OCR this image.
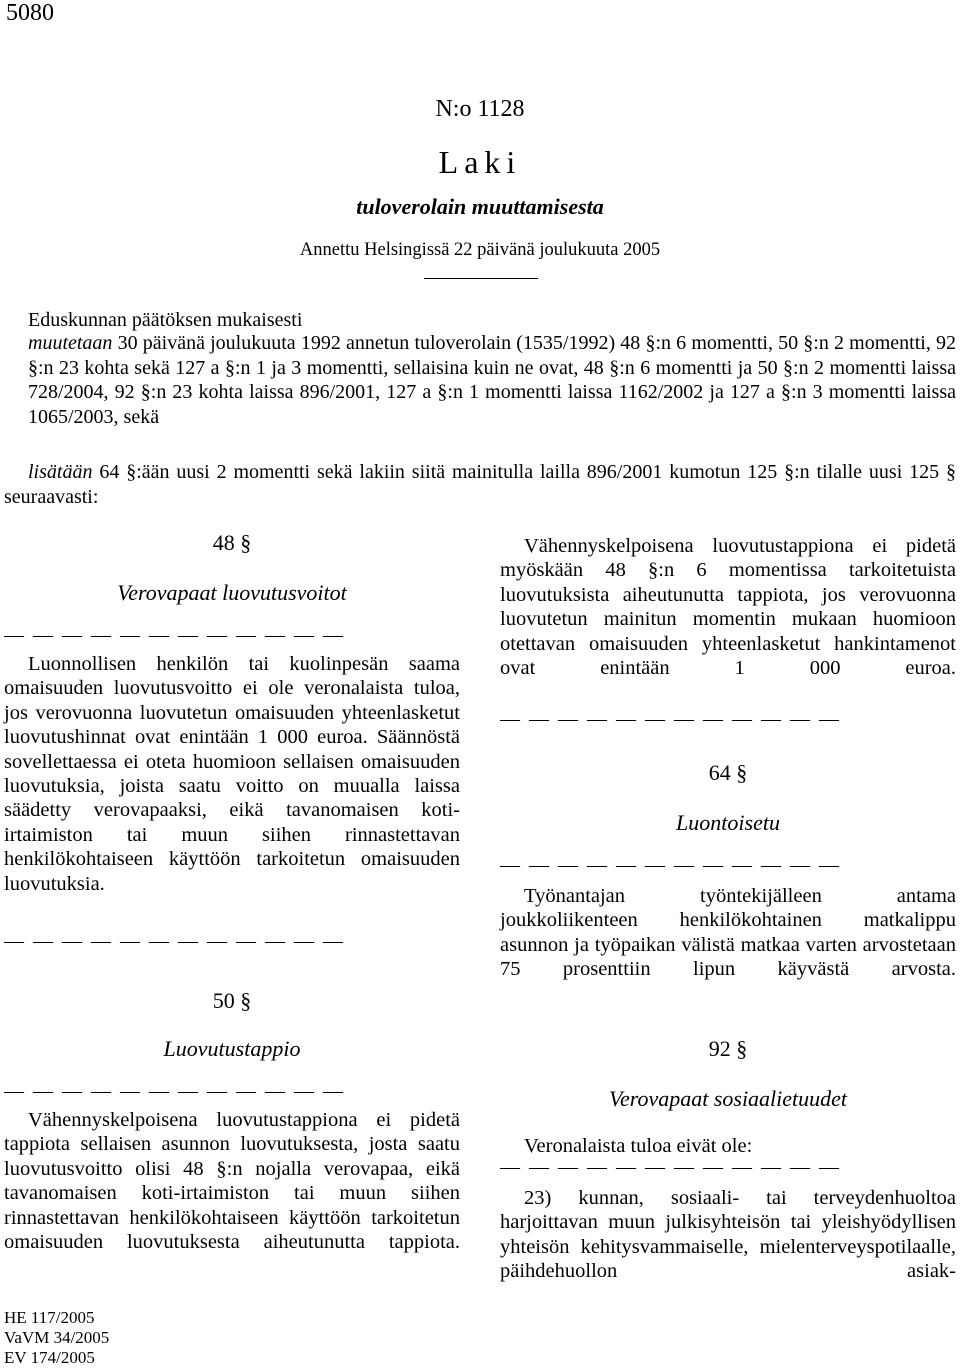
5080
N:o 1128
Laki
tuloverolain muuttamisesta
Annettu Helsingissä 22 päivänä joulukuuta 2005
Eduskunnan päätöksen mukaisesti
muutetaan 30 päivänä joulukuuta 1992 annetun tuloverolain (1535/1992) 48 §:n 6 momentti, 50 §:n 2 momentti, 92 §:n 23 kohta sekä 127 a §:n 1 ja 3 momentti, sellaisina kuin ne ovat, 48 §:n 6 momentti ja 50 §:n 2 momentti laissa 728/2004, 92 §:n 23 kohta laissa 896/2001, 127 a §:n 1 momentti laissa 1162/2002 ja 127 a §:n 3 momentti laissa 1065/2003, sekä
lisätään 64 §:ään uusi 2 momentti sekä lakiin siitä mainitulla lailla 896/2001 kumotun 125 §:n tilalle uusi 125 § seuraavasti:
48 §
Verovapaat luovutusvoitot
— — — — — — — — — — — —
Luonnollisen henkilön tai kuolinpesän saama omaisuuden luovutusvoitto ei ole veronalaista tuloa, jos verovuonna luovutetun omaisuuden yhteenlasketut luovutushinnat ovat enintään 1 000 euroa. Säännöstä sovellettaessa ei oteta huomioon sellaisen omaisuuden luovutuksia, joista saatu voitto on muualla laissa säädetty verovapaaksi, eikä tavanomaisen koti-irtaimiston tai muun siihen rinnastettavan henkilökohtaiseen käyttöön tarkoitetun omaisuuden luovutuksia.
— — — — — — — — — — — —
50 §
Luovutustappio
— — — — — — — — — — — —
Vähennyskelpoisena luovutustappiona ei pidetä tappiota sellaisen asunnon luovutuksesta, josta saatu luovutusvoitto olisi 48 §:n nojalla verovapaa, eikä tavanomaisen koti-irtaimiston tai muun siihen rinnastettavan henkilökohtaiseen käyttöön tarkoitetun omaisuuden luovutuksesta aiheutunutta tappiota.
Vähennyskelpoisena luovutustappiona ei pidetä myöskään 48 §:n 6 momentissa tarkoitetuista luovutuksista aiheutunutta tappiota, jos verovuonna luovutetun mainitun momentin mukaan huomioon otettavan omaisuuden yhteenlasketut hankintamenot ovat enintään 1 000 euroa.
— — — — — — — — — — — —
64 §
Luontoisetu
— — — — — — — — — — — —
Työnantajan työntekijälleen antama joukkoliikenteen henkilökohtainen matkalippu asunnon ja työpaikan välistä matkaa varten arvostetaan 75 prosenttiin lipun käyvästä arvosta.
92 §
Verovapaat sosiaalietuudet
Veronalaista tuloa eivät ole:
— — — — — — — — — — — —
23) kunnan, sosiaali- tai terveydenhuoltoa harjoittavan muun julkisyhteisön tai yleishyödyllisen yhteisön kehitysvammaiselle, mielenterveyspotilaalle, päihdehuollon asiak-
HE 117/2005
VaVM 34/2005
EV 174/2005
